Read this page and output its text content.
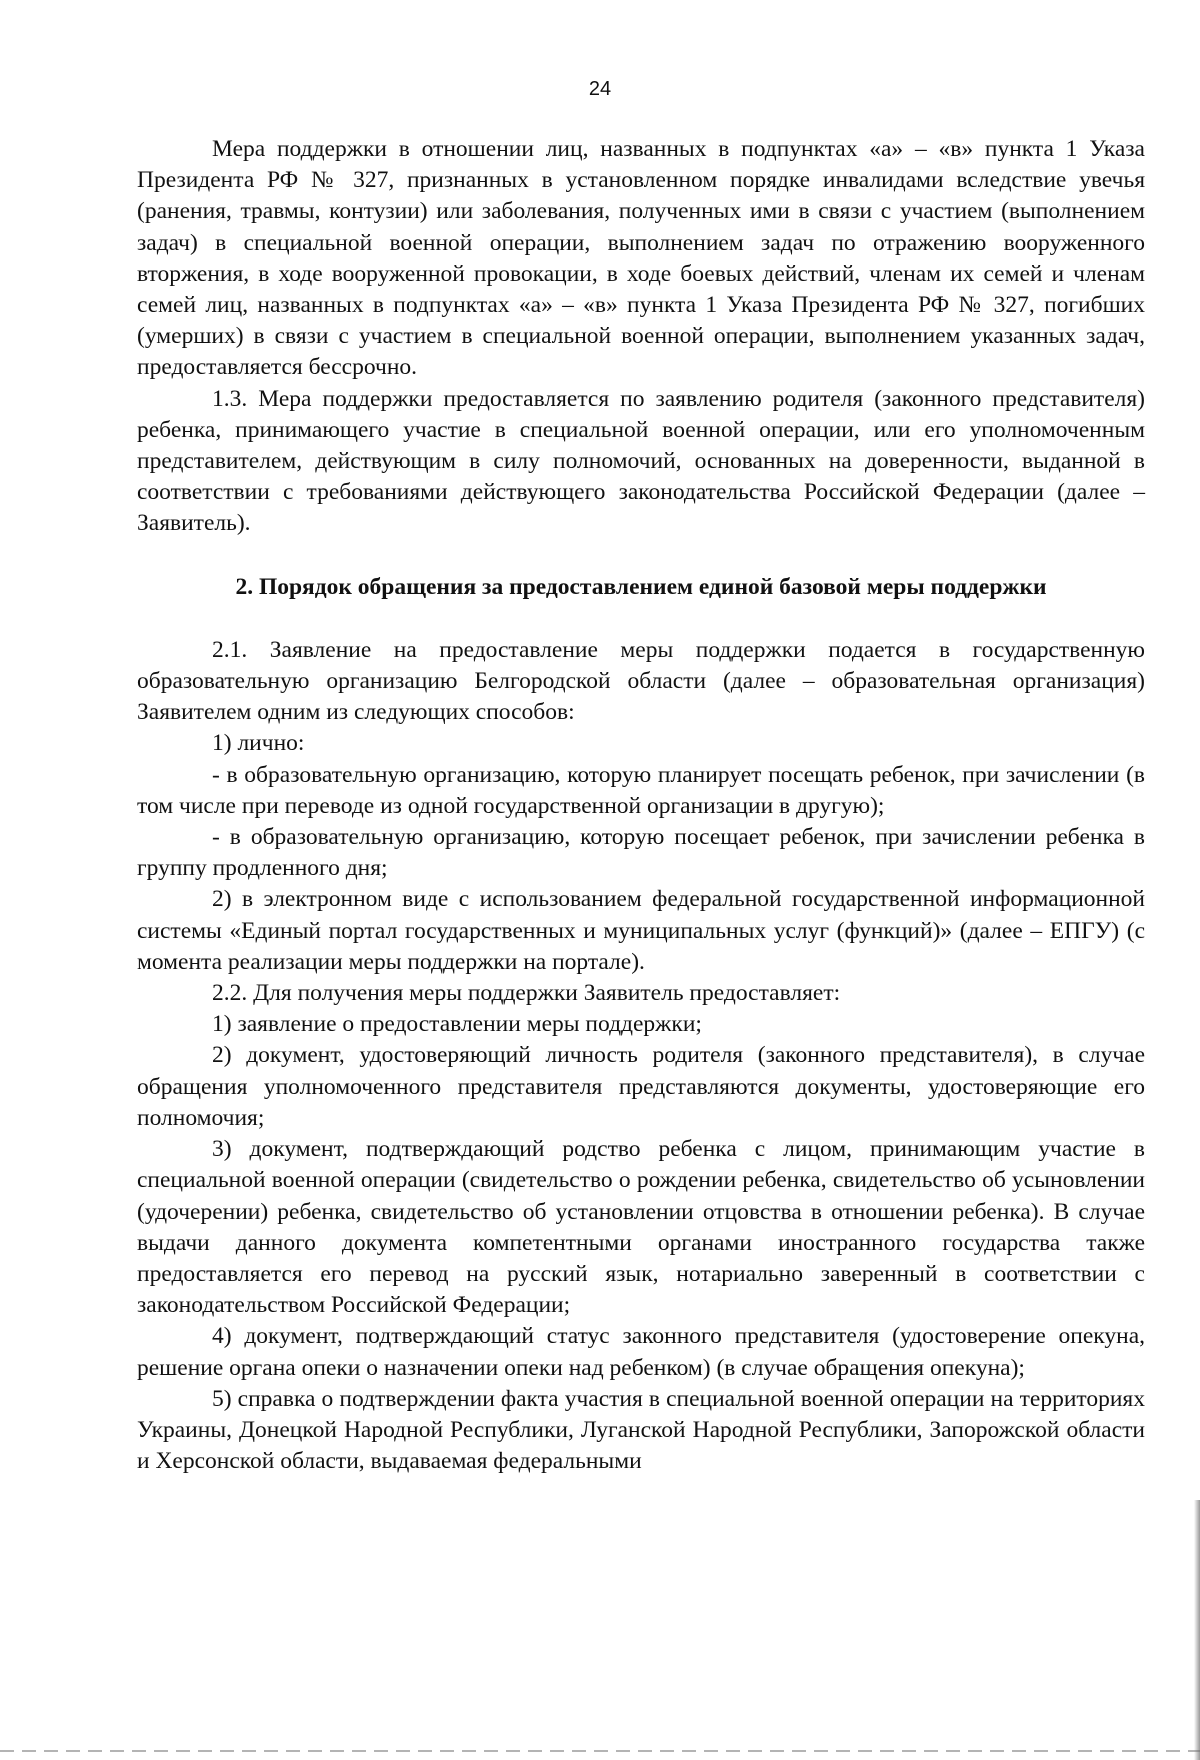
24

Мера поддержки в отношении лиц, названных в подпунктах «а» – «в» пункта 1 Указа Президента РФ № 327, признанных в установленном порядке инвалидами вследствие увечья (ранения, травмы, контузии) или заболевания, полученных ими в связи с участием (выполнением задач) в специальной военной операции, выполнением задач по отражению вооруженного вторжения, в ходе вооруженной провокации, в ходе боевых действий, членам их семей и членам семей лиц, названных в подпунктах «а» – «в» пункта 1 Указа Президента РФ № 327, погибших (умерших) в связи с участием в специальной военной операции, выполнением указанных задач, предоставляется бессрочно.

1.3. Мера поддержки предоставляется по заявлению родителя (законного представителя) ребенка, принимающего участие в специальной военной операции, или его уполномоченным представителем, действующим в силу полномочий, основанных на доверенности, выданной в соответствии с требованиями действующего законодательства Российской Федерации (далее – Заявитель).

2. Порядок обращения за предоставлением единой базовой меры поддержки

2.1. Заявление на предоставление меры поддержки подается в государственную образовательную организацию Белгородской области (далее – образовательная организация) Заявителем одним из следующих способов:

1) лично:

- в образовательную организацию, которую планирует посещать ребенок, при зачислении (в том числе при переводе из одной государственной организации в другую);

- в образовательную организацию, которую посещает ребенок, при зачислении ребенка в группу продленного дня;

2) в электронном виде с использованием федеральной государственной информационной системы «Единый портал государственных и муниципальных услуг (функций)» (далее – ЕПГУ) (с момента реализации меры поддержки на портале).

2.2. Для получения меры поддержки Заявитель предоставляет:

1) заявление о предоставлении меры поддержки;

2) документ, удостоверяющий личность родителя (законного представителя), в случае обращения уполномоченного представителя представляются документы, удостоверяющие его полномочия;

3) документ, подтверждающий родство ребенка с лицом, принимающим участие в специальной военной операции (свидетельство о рождении ребенка, свидетельство об усыновлении (удочерении) ребенка, свидетельство об установлении отцовства в отношении ребенка). В случае выдачи данного документа компетентными органами иностранного государства также предоставляется его перевод на русский язык, нотариально заверенный в соответствии с законодательством Российской Федерации;

4) документ, подтверждающий статус законного представителя (удостоверение опекуна, решение органа опеки о назначении опеки над ребенком) (в случае обращения опекуна);

5) справка о подтверждении факта участия в специальной военной операции на территориях Украины, Донецкой Народной Республики, Луганской Народной Республики, Запорожской области и Херсонской области, выдаваемая федеральными
